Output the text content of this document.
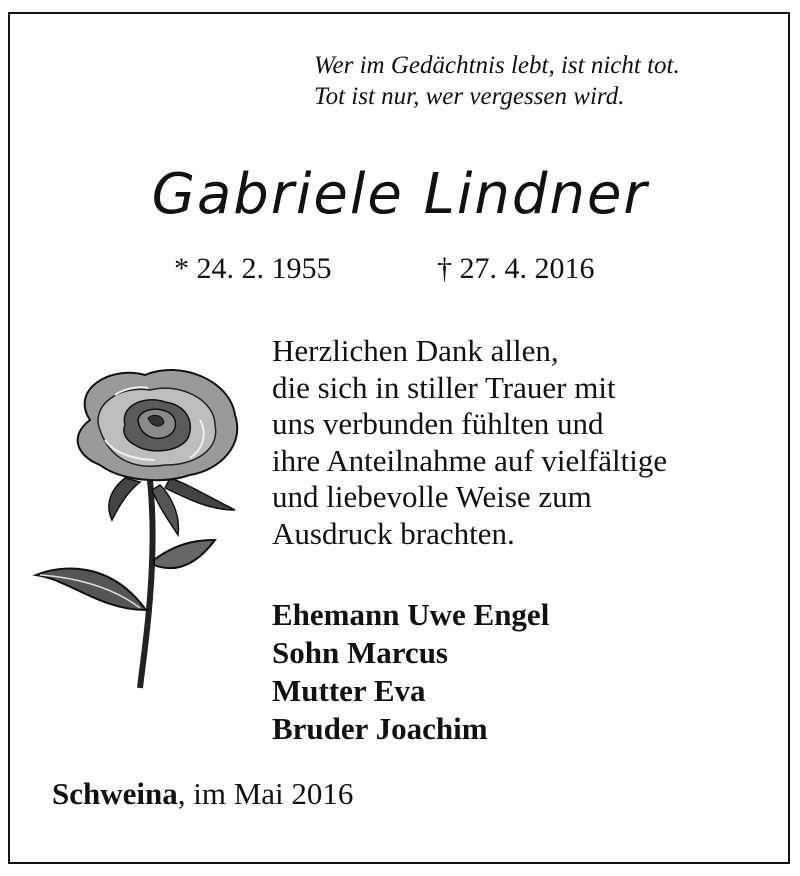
Wer im Gedächtnis lebt, ist nicht tot.
Tot ist nur, wer vergessen wird.
Gabriele Lindner
* 24. 2. 1955	† 27. 4. 2016
Herzlichen Dank allen,
die sich in stiller Trauer mit
uns verbunden fühlten und
ihre Anteilnahme auf vielfältige
und liebevolle Weise zum
Ausdruck brachten.
Ehemann Uwe Engel
Sohn Marcus
Mutter Eva
Bruder Joachim
Schweina, im Mai 2016
